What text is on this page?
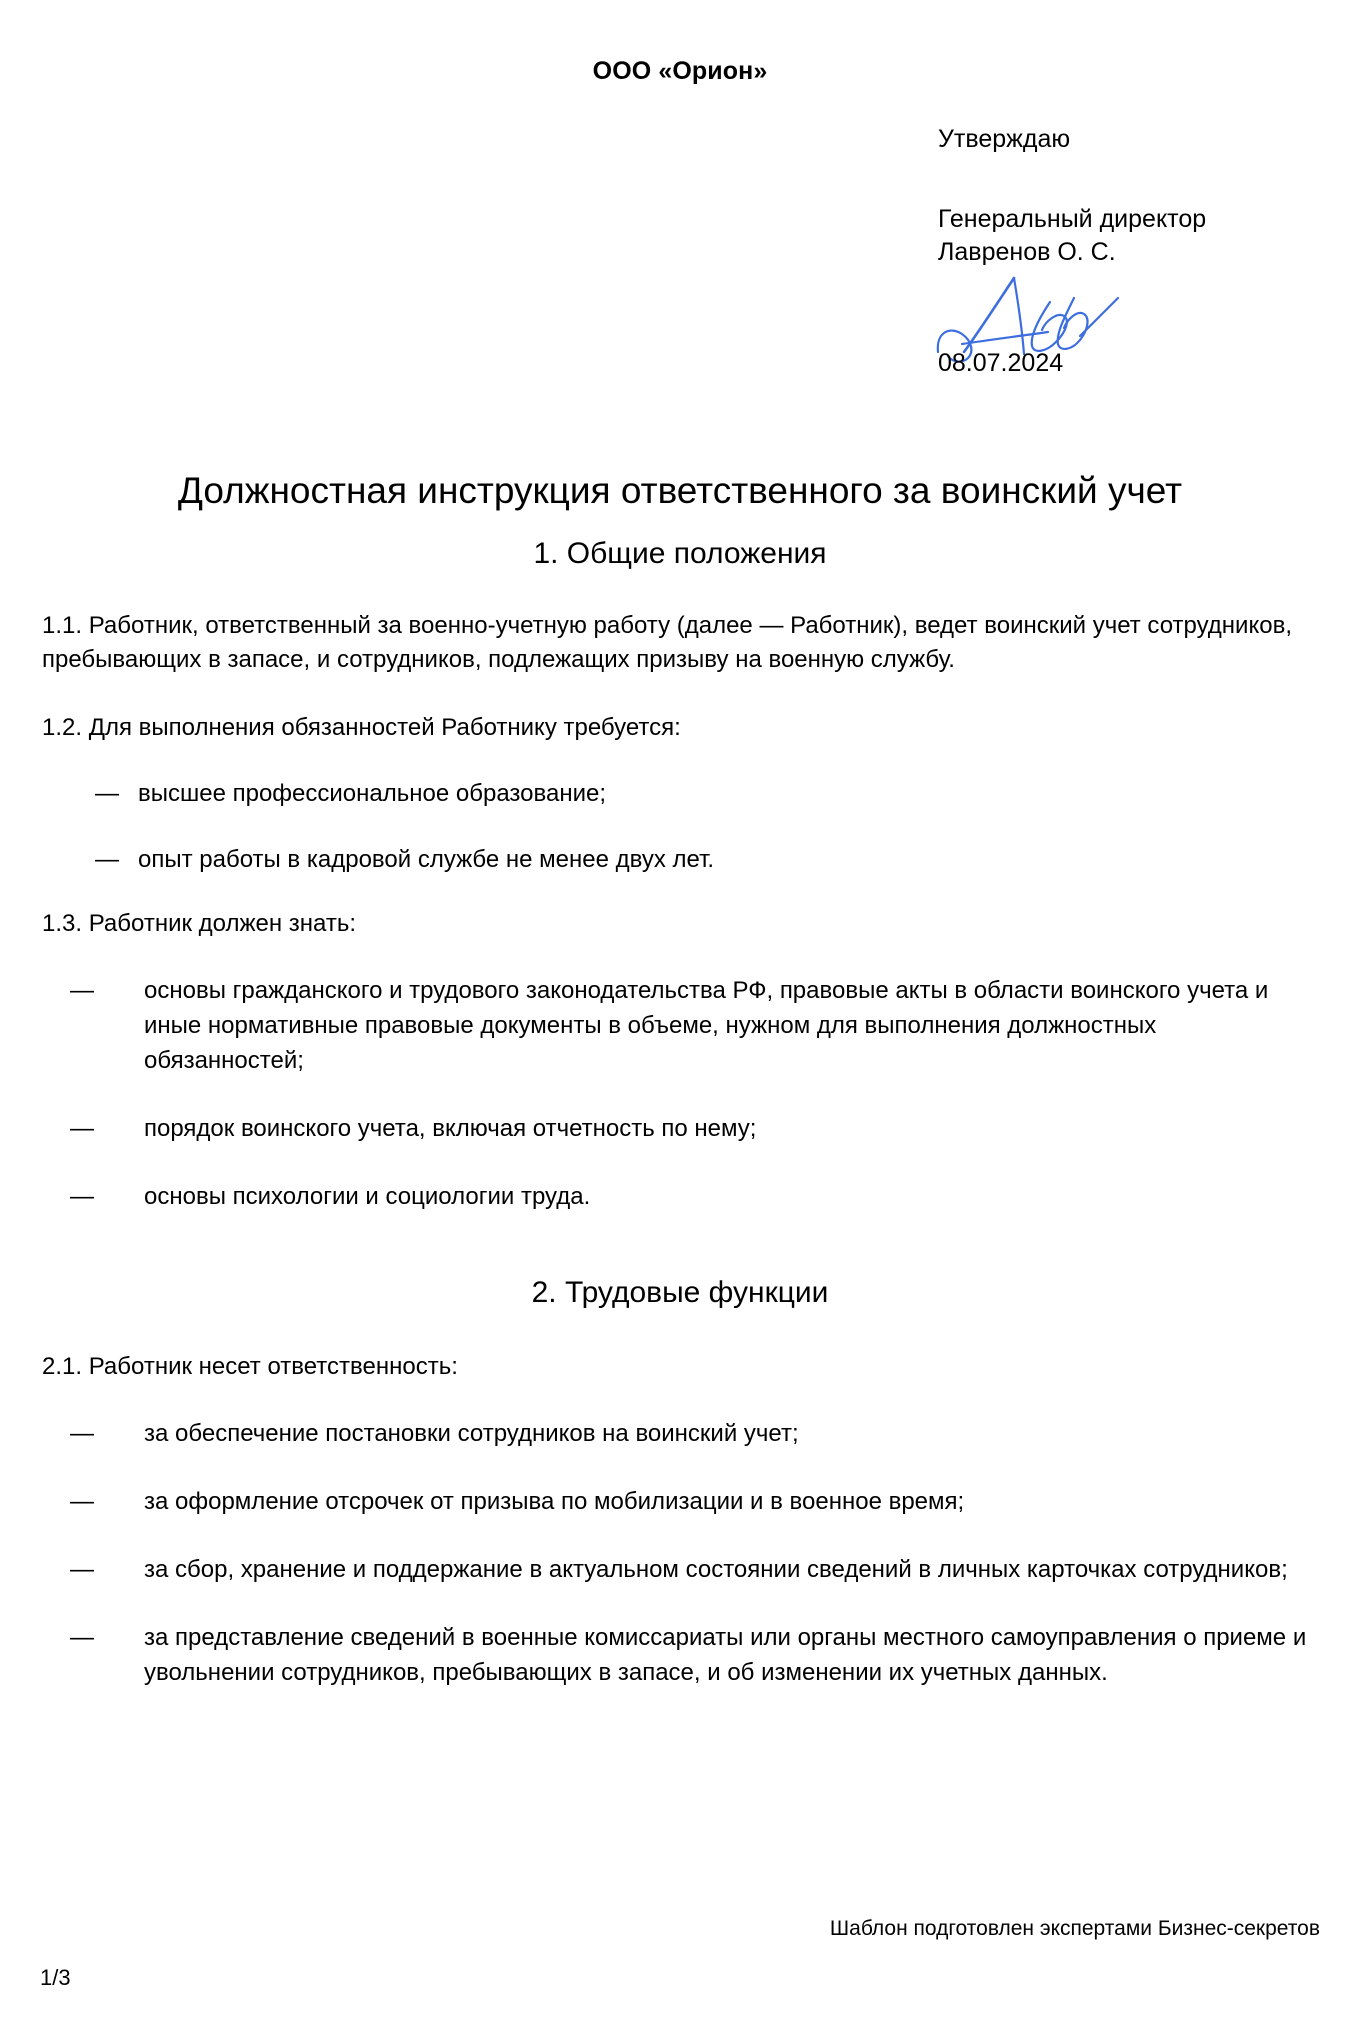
ООО «Орион»
Утверждаю
Генеральный директор
Лавренов О. С.
08.07.2024
Должностная инструкция ответственного за воинский учет
1. Общие положения

1.1. Работник, ответственный за военно-учетную работу (далее — Работник), ведет воинский учет сотрудников, пребывающих в запасе, и сотрудников, подлежащих призыву на военную службу.

1.2. Для выполнения обязанностей Работнику требуется:

— высшее профессиональное образование;
— опыт работы в кадровой службе не менее двух лет.

1.3. Работник должен знать:

— основы гражданского и трудового законодательства РФ, правовые акты в области воинского учета и иные нормативные правовые документы в объеме, нужном для выполнения должностных обязанностей;
— порядок воинского учета, включая отчетность по нему;
— основы психологии и социологии труда.
2. Трудовые функции

2.1. Работник несет ответственность:

— за обеспечение постановки сотрудников на воинский учет;
— за оформление отсрочек от призыва по мобилизации и в военное время;
— за сбор, хранение и поддержание в актуальном состоянии сведений в личных карточках сотрудников;
— за представление сведений в военные комиссариаты или органы местного самоуправления о приеме и увольнении сотрудников, пребывающих в запасе, и об изменении их учетных данных.
Шаблон подготовлен экспертами Бизнес-секретов
1/3
